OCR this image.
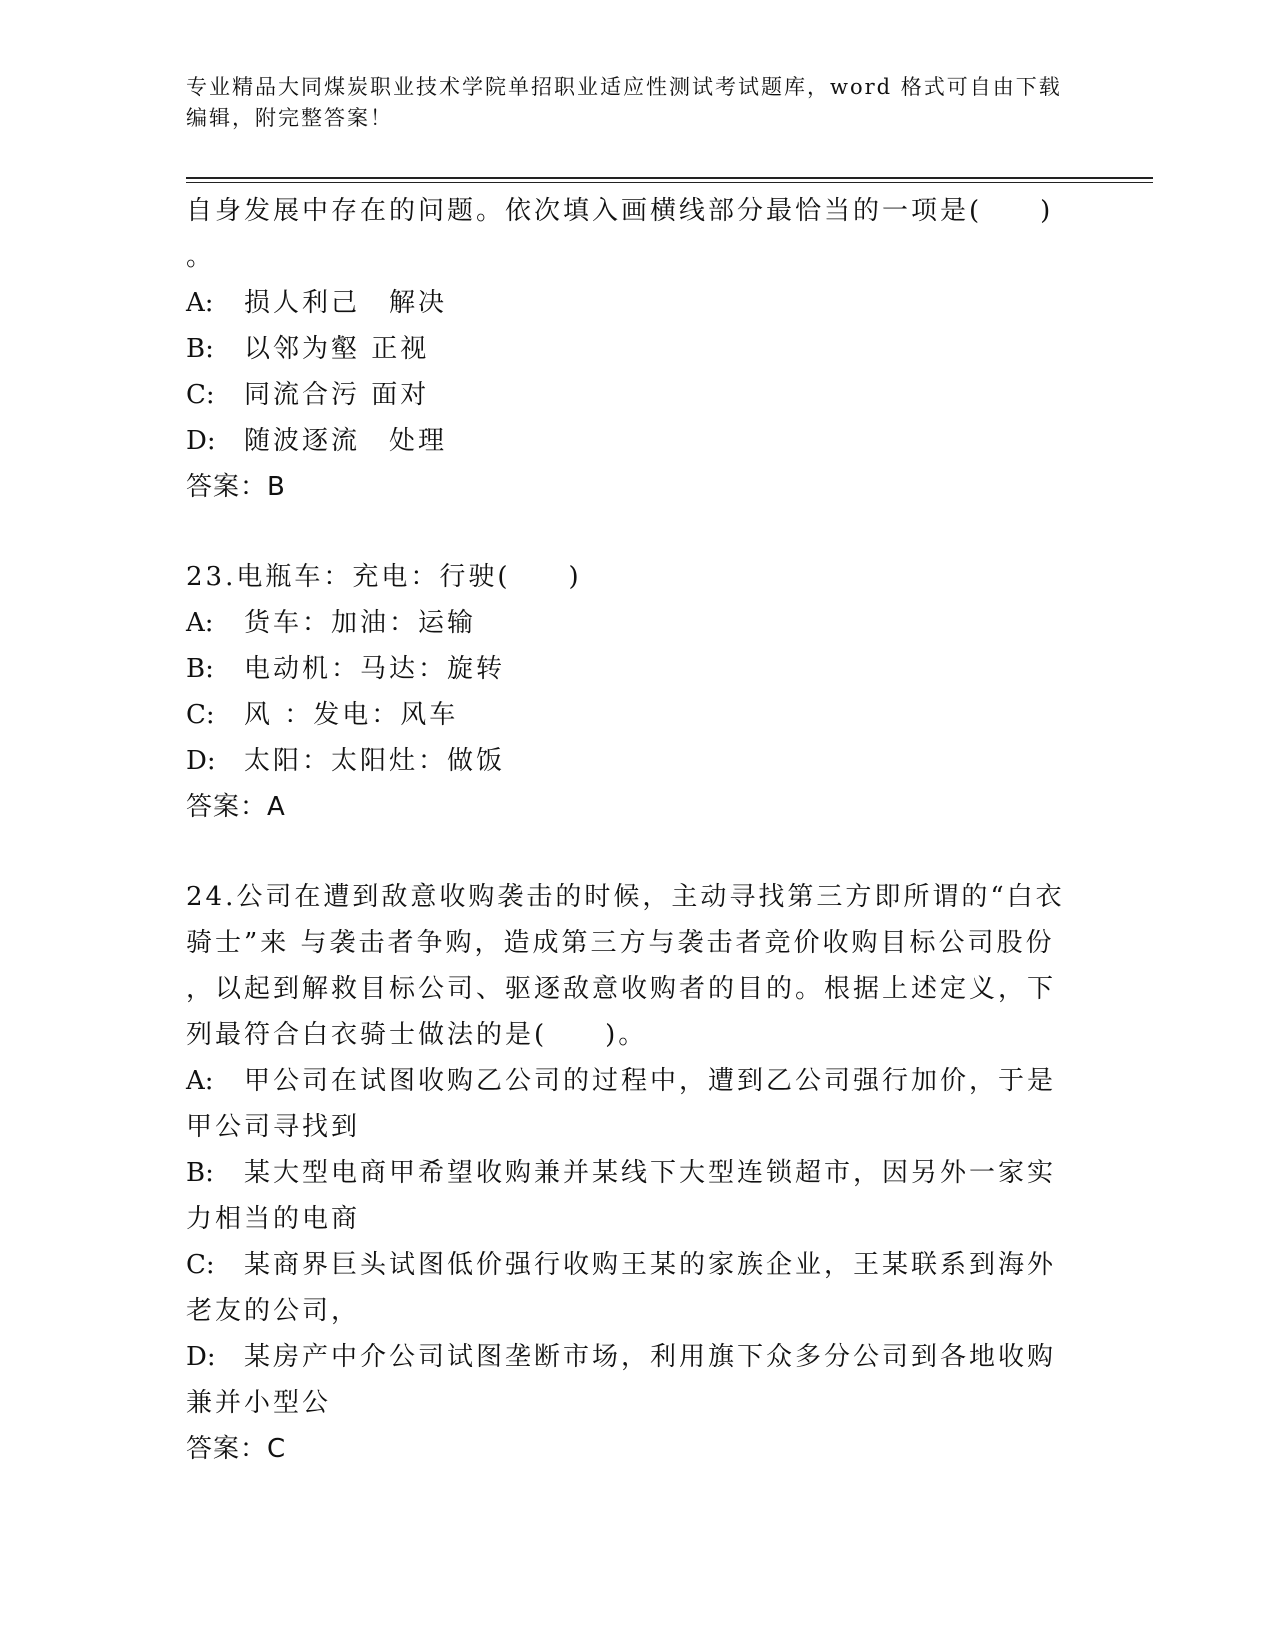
专业精品大同煤炭职业技术学院单招职业适应性测试考试题库，word 格式可自由下载编辑，附完整答案！
自身发展中存在的问题。依次填入画横线部分最恰当的一项是(　　)
。
A: 损人利己　解决
B: 以邻为壑 正视
C: 同流合污 面对
D: 随波逐流　处理
答案：B
23.电瓶车：充电：行驶(　　)
A: 货车：加油：运输
B: 电动机：马达：旋转
C: 风 ：发电：风车
D: 太阳：太阳灶：做饭
答案：A
24.公司在遭到敌意收购袭击的时候，主动寻找第三方即所谓的“白衣
骑士”来 与袭击者争购，造成第三方与袭击者竞价收购目标公司股份
，以起到解救目标公司、驱逐敌意收购者的目的。根据上述定义，下
列最符合白衣骑士做法的是(　　)。
A: 甲公司在试图收购乙公司的过程中，遭到乙公司强行加价，于是
甲公司寻找到
B: 某大型电商甲希望收购兼并某线下大型连锁超市，因另外一家实
力相当的电商
C: 某商界巨头试图低价强行收购王某的家族企业，王某联系到海外
老友的公司，
D: 某房产中介公司试图垄断市场，利用旗下众多分公司到各地收购
兼并小型公
答案：C
